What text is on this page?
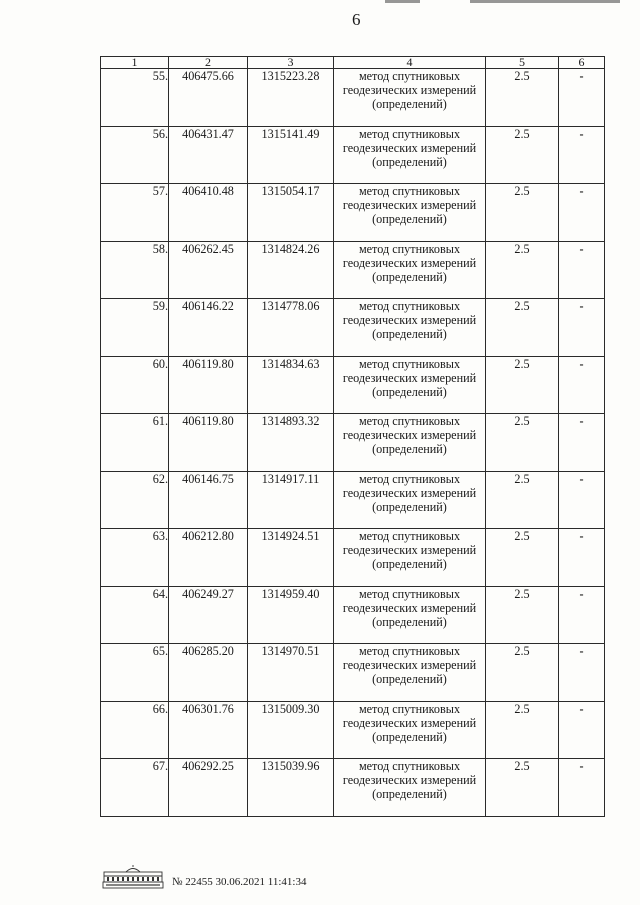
6
1	2	3	4	5	6
55.	406475.66	1315223.28	метод спутниковых геодезических измерений (определений)	2.5	-
56.	406431.47	1315141.49	метод спутниковых геодезических измерений (определений)	2.5	-
57.	406410.48	1315054.17	метод спутниковых геодезических измерений (определений)	2.5	-
58.	406262.45	1314824.26	метод спутниковых геодезических измерений (определений)	2.5	-
59.	406146.22	1314778.06	метод спутниковых геодезических измерений (определений)	2.5	-
60.	406119.80	1314834.63	метод спутниковых геодезических измерений (определений)	2.5	-
61.	406119.80	1314893.32	метод спутниковых геодезических измерений (определений)	2.5	-
62.	406146.75	1314917.11	метод спутниковых геодезических измерений (определений)	2.5	-
63.	406212.80	1314924.51	метод спутниковых геодезических измерений (определений)	2.5	-
64.	406249.27	1314959.40	метод спутниковых геодезических измерений (определений)	2.5	-
65.	406285.20	1314970.51	метод спутниковых геодезических измерений (определений)	2.5	-
66.	406301.76	1315009.30	метод спутниковых геодезических измерений (определений)	2.5	-
67.	406292.25	1315039.96	метод спутниковых геодезических измерений (определений)	2.5	-
№ 22455 30.06.2021 11:41:34
